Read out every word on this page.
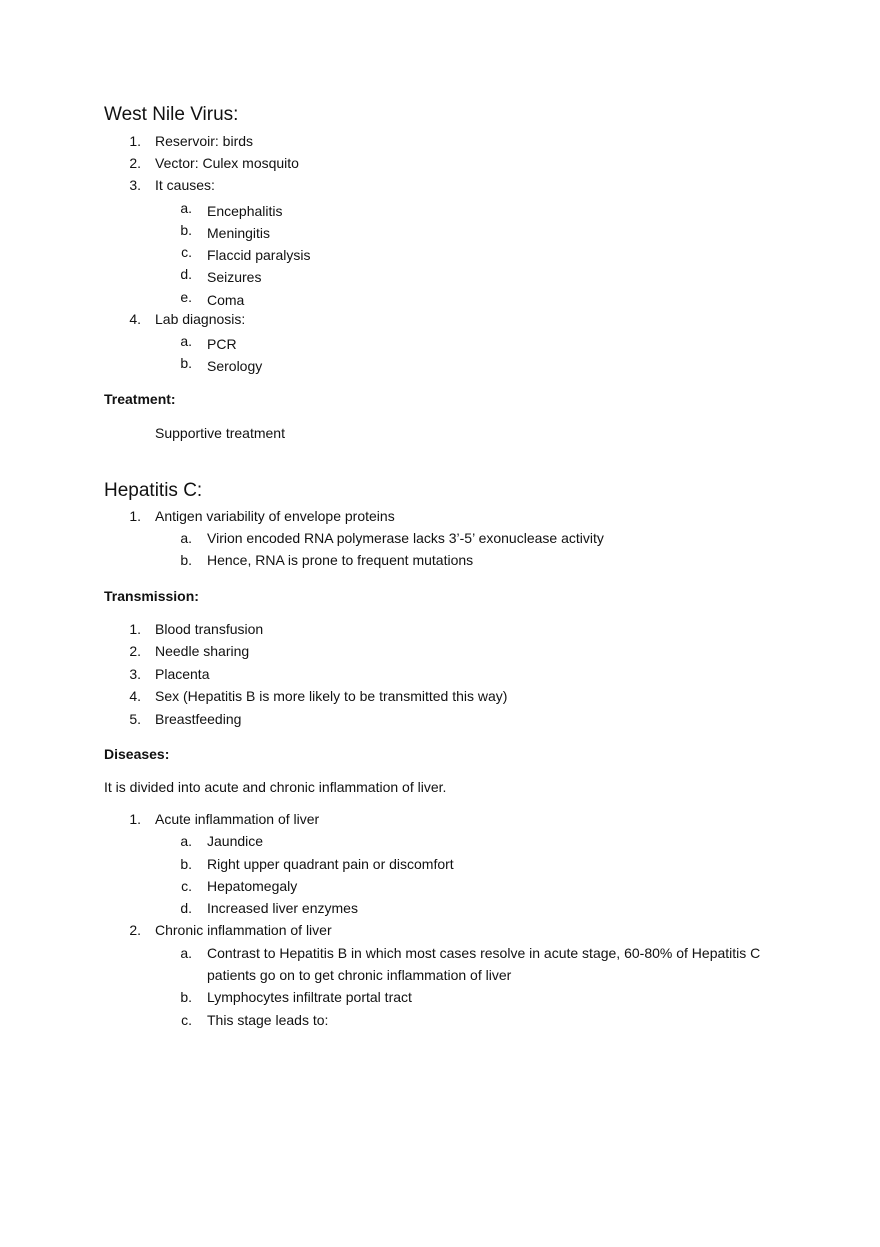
West Nile Virus:
1. Reservoir: birds
2. Vector: Culex mosquito
3. It causes:
a. Encephalitis
b. Meningitis
c. Flaccid paralysis
d. Seizures
e. Coma
4. Lab diagnosis:
a. PCR
b. Serology
Treatment:
Supportive treatment
Hepatitis C:
1. Antigen variability of envelope proteins
a. Virion encoded RNA polymerase lacks 3’-5’ exonuclease activity
b. Hence, RNA is prone to frequent mutations
Transmission:
1. Blood transfusion
2. Needle sharing
3. Placenta
4. Sex (Hepatitis B is more likely to be transmitted this way)
5. Breastfeeding
Diseases:
It is divided into acute and chronic inflammation of liver.
1. Acute inflammation of liver
a. Jaundice
b. Right upper quadrant pain or discomfort
c. Hepatomegaly
d. Increased liver enzymes
2. Chronic inflammation of liver
a. Contrast to Hepatitis B in which most cases resolve in acute stage, 60-80% of Hepatitis C patients go on to get chronic inflammation of liver
b. Lymphocytes infiltrate portal tract
c. This stage leads to:
